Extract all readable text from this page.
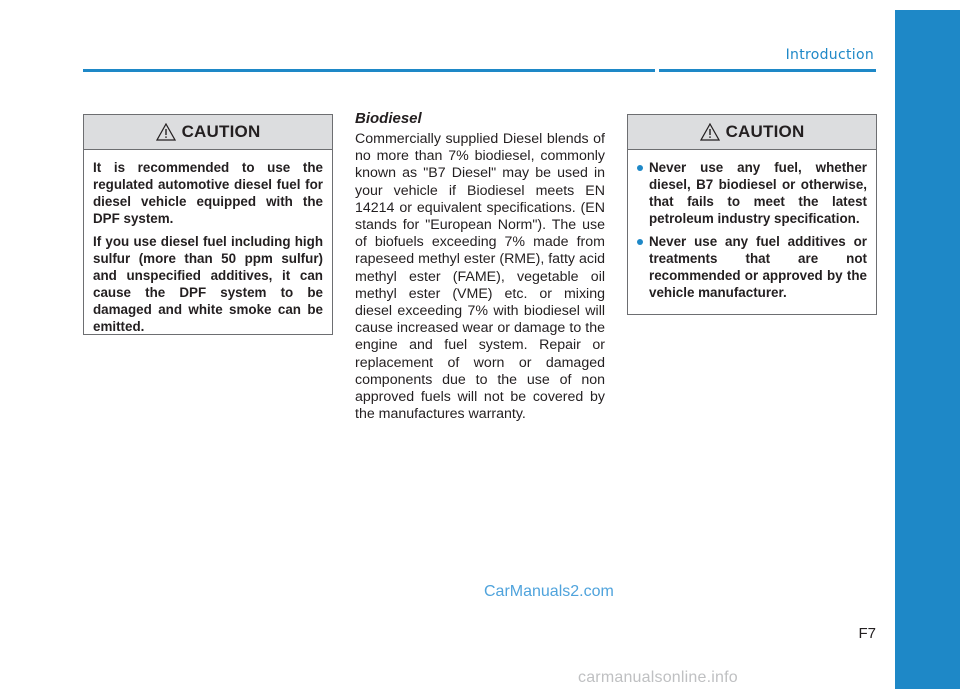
Introduction
CAUTION

It is recommended to use the regulated automotive diesel fuel for diesel vehicle equipped with the DPF system.

If you use diesel fuel including high sulfur (more than 50 ppm sulfur) and unspecified additives, it can cause the DPF system to be damaged and white smoke can be emitted.

Biodiesel

Commercially supplied Diesel blends of no more than 7% biodiesel, commonly known as "B7 Diesel" may be used in your vehicle if Biodiesel meets EN 14214 or equivalent specifications. (EN stands for "European Norm"). The use of biofuels exceeding 7% made from rapeseed methyl ester (RME), fatty acid methyl ester (FAME), vegetable oil methyl ester (VME) etc. or mixing diesel exceeding 7% with biodiesel will cause increased wear or damage to the engine and fuel system. Repair or replacement of worn or damaged components due to the use of non approved fuels will not be covered by the manufactures warranty.

CAUTION
Never use any fuel, whether diesel, B7 biodiesel or otherwise, that fails to meet the latest petroleum industry specification.
Never use any fuel additives or treatments that are not recommended or approved by the vehicle manufacturer.
CarManuals2.com
F7
carmanualsonline.info
